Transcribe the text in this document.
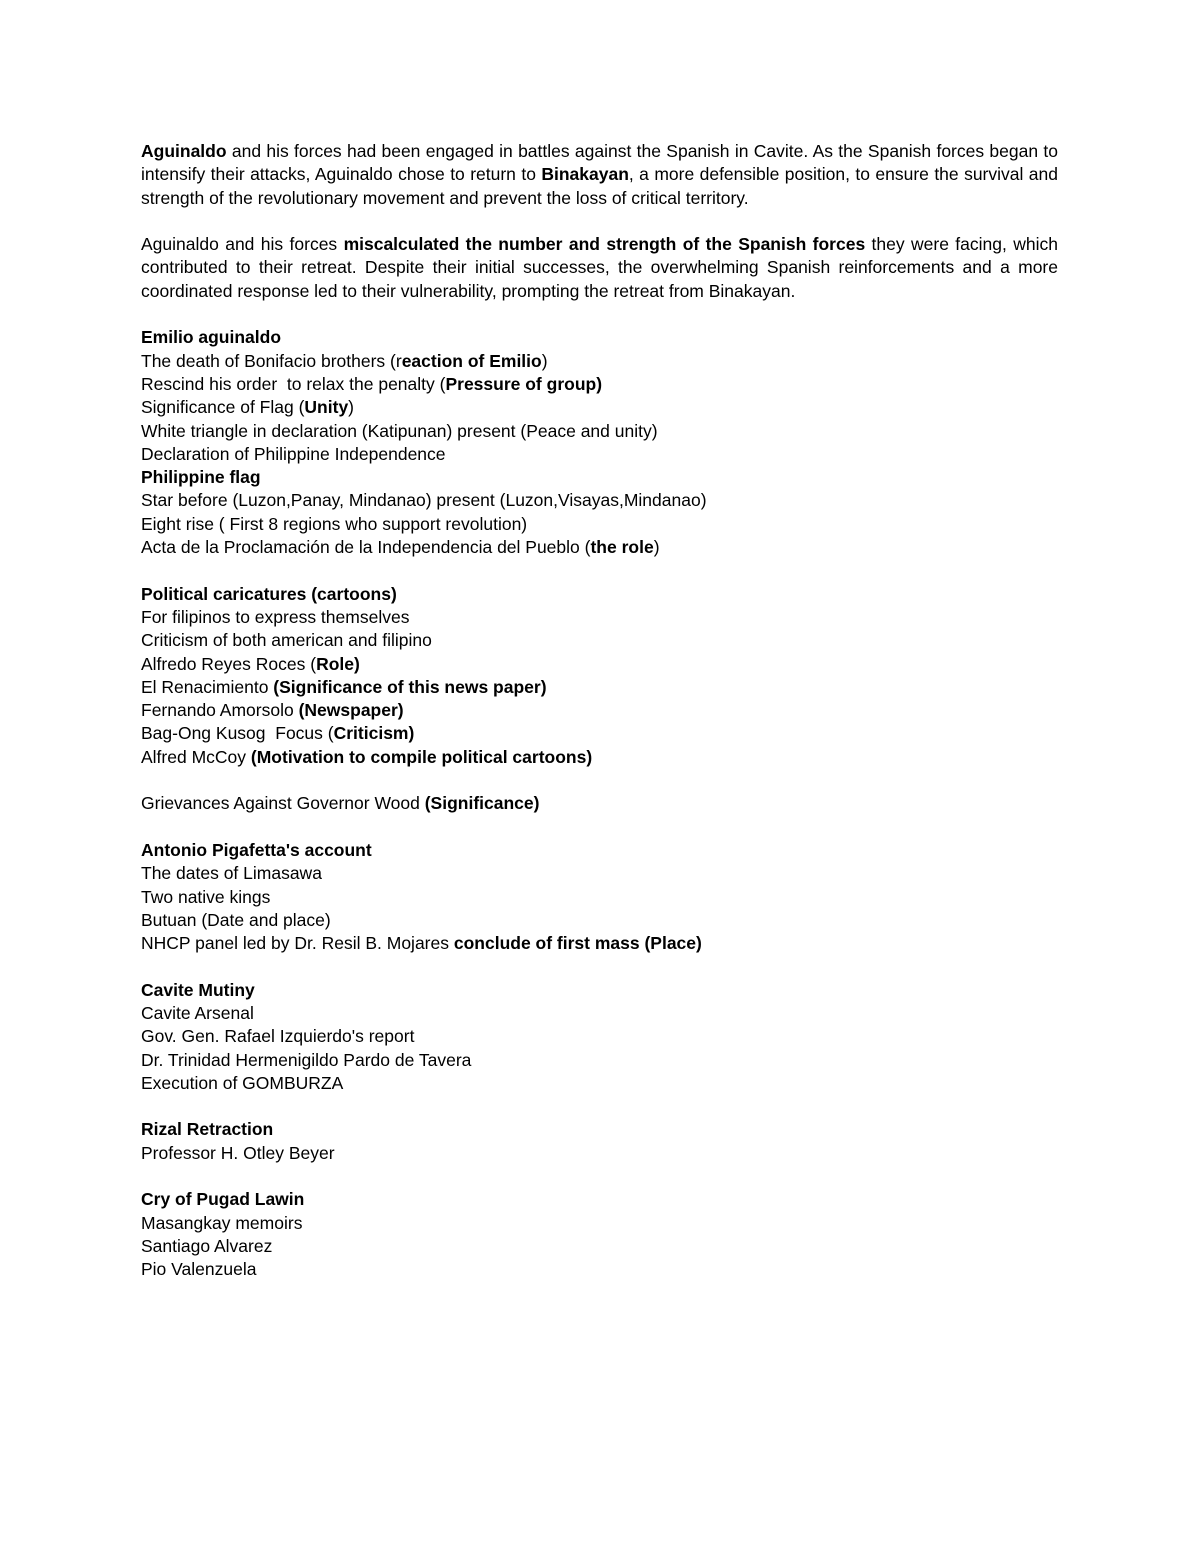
Aguinaldo and his forces had been engaged in battles against the Spanish in Cavite. As the Spanish forces began to
intensify their attacks, Aguinaldo chose to return to Binakayan, a more defensible position, to ensure the survival and
strength of the revolutionary movement and prevent the loss of critical territory.
Aguinaldo and his forces miscalculated the number and strength of the Spanish forces they were facing, which
contributed to their retreat. Despite their initial successes, the overwhelming Spanish reinforcements and a more
coordinated response led to their vulnerability, prompting the retreat from Binakayan.
Emilio aguinaldo
The death of Bonifacio brothers (reaction of Emilio)
Rescind his order  to relax the penalty (Pressure of group)
Significance of Flag (Unity)
White triangle in declaration (Katipunan) present (Peace and unity)
Declaration of Philippine Independence
Philippine flag
Star before (Luzon,Panay, Mindanao) present (Luzon,Visayas,Mindanao)
Eight rise ( First 8 regions who support revolution)
Acta de la Proclamación de la Independencia del Pueblo (the role)
Political caricatures (cartoons)
For filipinos to express themselves
Criticism of both american and filipino
Alfredo Reyes Roces (Role)
El Renacimiento (Significance of this news paper)
Fernando Amorsolo (Newspaper)
Bag-Ong Kusog  Focus (Criticism)
Alfred McCoy (Motivation to compile political cartoons)
Grievances Against Governor Wood (Significance)
Antonio Pigafetta's account
The dates of Limasawa
Two native kings
Butuan (Date and place)
NHCP panel led by Dr. Resil B. Mojares conclude of first mass (Place)
Cavite Mutiny
Cavite Arsenal
Gov. Gen. Rafael Izquierdo's report
Dr. Trinidad Hermenigildo Pardo de Tavera
Execution of GOMBURZA
Rizal Retraction
Professor H. Otley Beyer
Cry of Pugad Lawin
Masangkay memoirs
Santiago Alvarez
Pio Valenzuela
